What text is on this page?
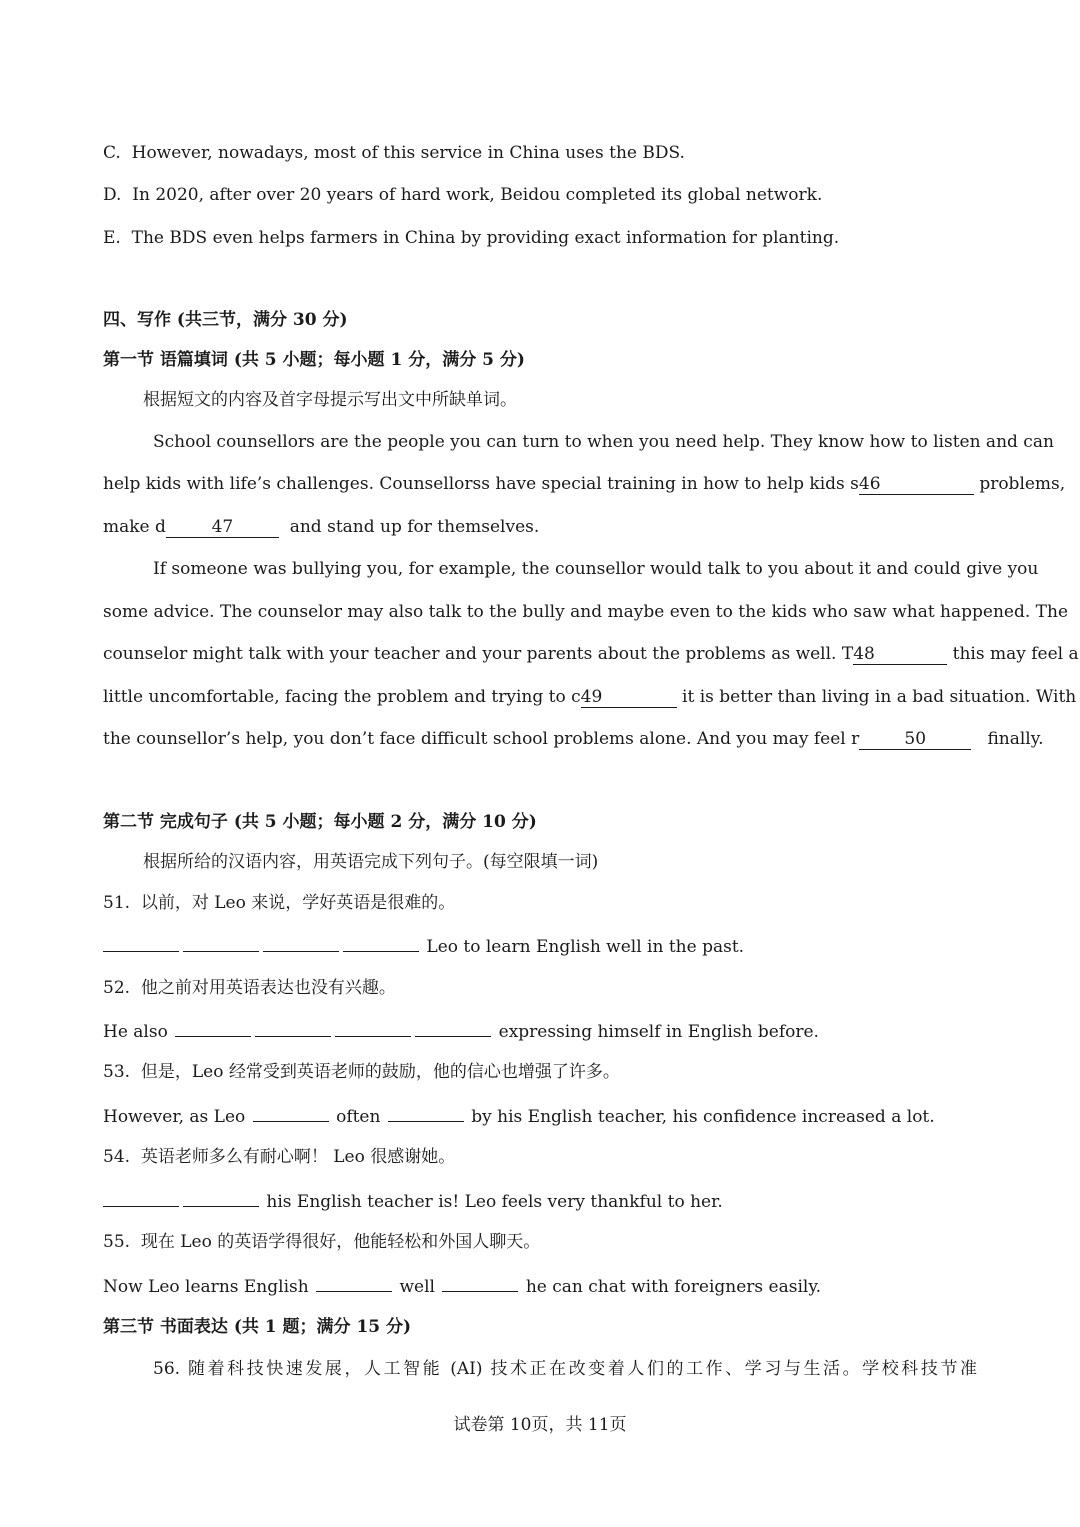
C. However, nowadays, most of this service in China uses the BDS.
D. In 2020, after over 20 years of hard work, Beidou completed its global network.
E. The BDS even helps farmers in China by providing exact information for planting.
四、写作 (共三节，满分 30 分)
第一节 语篇填词 (共 5 小题；每小题 1 分，满分 5 分)
根据短文的内容及首字母提示写出文中所缺单词。
School counsellors are the people you can turn to when you need help. They know how to listen and can
help kids with life’s challenges. Counsellorss have special training in how to help kids s46	problems,
make d	47	and stand up for themselves.
If someone was bullying you, for example, the counsellor would talk to you about it and could give you
some advice. The counselor may also talk to the bully and maybe even to the kids who saw what happened. The
counselor might talk with your teacher and your parents about the problems as well. T48	this may feel a
little uncomfortable, facing the problem and trying to c49	it is better than living in a bad situation. With
the counsellor’s help, you don’t face difficult school problems alone. And you may feel r	50	finally.
第二节 完成句子 (共 5 小题；每小题 2 分，满分 10 分)
根据所给的汉语内容，用英语完成下列句子。(每空限填一词)
51. 以前，对 Leo 来说，学好英语是很难的。
Leo to learn English well in the past.
52. 他之前对用英语表达也没有兴趣。
He also	expressing himself in English before.
53. 但是，Leo 经常受到英语老师的鼓励，他的信心也增强了许多。
However, as Leo	often	by his English teacher, his confidence increased a lot.
54. 英语老师多么有耐心啊！ Leo 很感谢她。
his English teacher is! Leo feels very thankful to her.
55. 现在 Leo 的英语学得很好，他能轻松和外国人聊天。
Now Leo learns English	well	he can chat with foreigners easily.
第三节 书面表达 (共 1 题；满分 15 分)
56. 随着科技快速发展，人工智能 (AI) 技术正在改变着人们的工作、学习与生活。学校科技节准
试卷第 10页，共 11页
